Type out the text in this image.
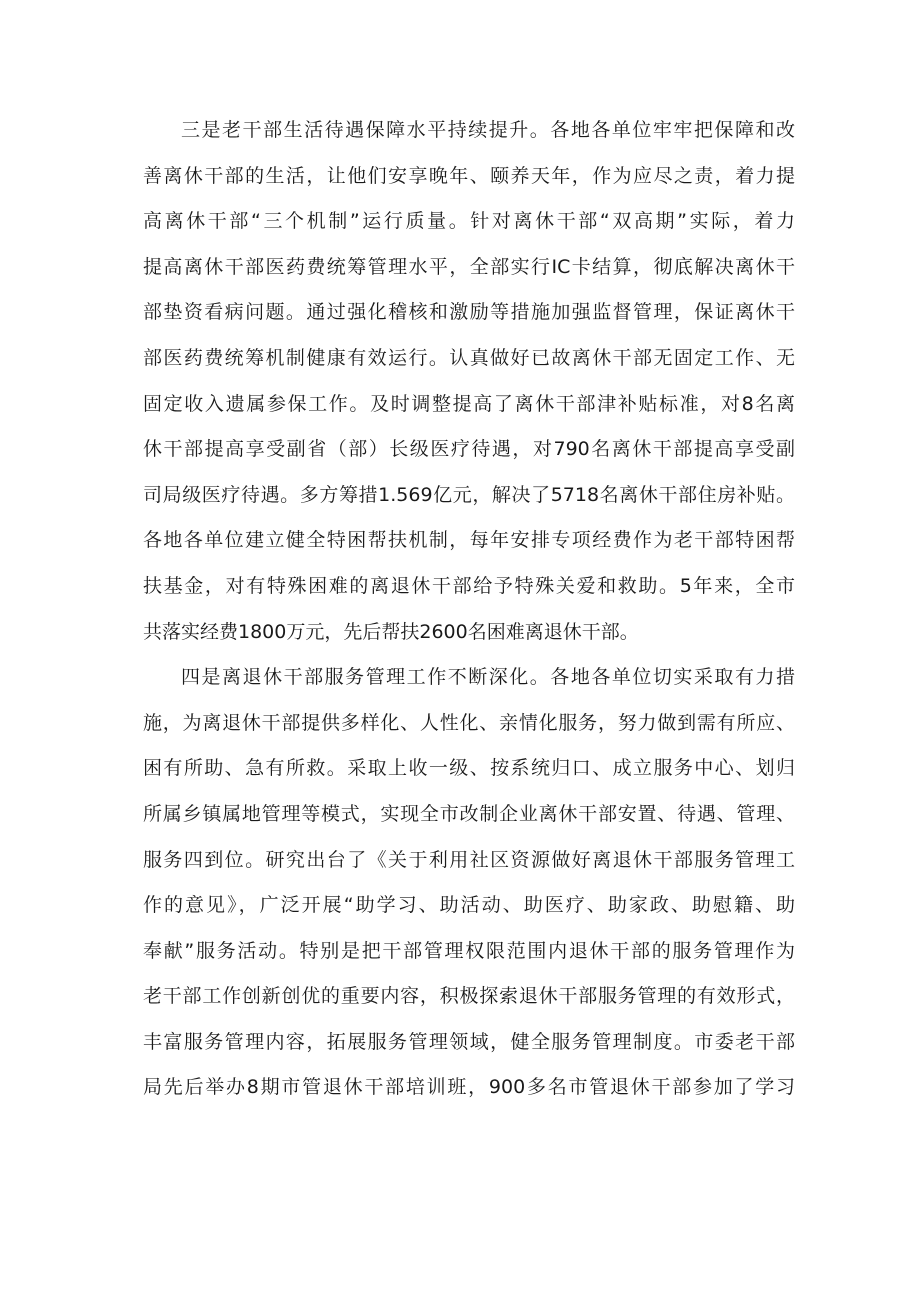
三是老干部生活待遇保障水平持续提升。各地各单位牢牢把保障和改
善离休干部的生活，让他们安享晚年、颐养天年，作为应尽之责，着力提
高离休干部“三个机制”运行质量。针对离休干部“双高期”实际，着力
提高离休干部医药费统筹管理水平，全部实行IC卡结算，彻底解决离休干
部垫资看病问题。通过强化稽核和激励等措施加强监督管理，保证离休干
部医药费统筹机制健康有效运行。认真做好已故离休干部无固定工作、无
固定收入遗属参保工作。及时调整提高了离休干部津补贴标准，对8名离
休干部提高享受副省（部）长级医疗待遇，对790名离休干部提高享受副
司局级医疗待遇。多方筹措1.569亿元，解决了5718名离休干部住房补贴。
各地各单位建立健全特困帮扶机制，每年安排专项经费作为老干部特困帮
扶基金，对有特殊困难的离退休干部给予特殊关爱和救助。5年来，全市
共落实经费1800万元，先后帮扶2600名困难离退休干部。
四是离退休干部服务管理工作不断深化。各地各单位切实采取有力措
施，为离退休干部提供多样化、人性化、亲情化服务，努力做到需有所应、
困有所助、急有所救。采取上收一级、按系统归口、成立服务中心、划归
所属乡镇属地管理等模式，实现全市改制企业离休干部安置、待遇、管理、
服务四到位。研究出台了《关于利用社区资源做好离退休干部服务管理工
作的意见》，广泛开展“助学习、助活动、助医疗、助家政、助慰籍、助
奉献”服务活动。特别是把干部管理权限范围内退休干部的服务管理作为
老干部工作创新创优的重要内容，积极探索退休干部服务管理的有效形式，
丰富服务管理内容，拓展服务管理领域，健全服务管理制度。市委老干部
局先后举办8期市管退休干部培训班，900多名市管退休干部参加了学习
